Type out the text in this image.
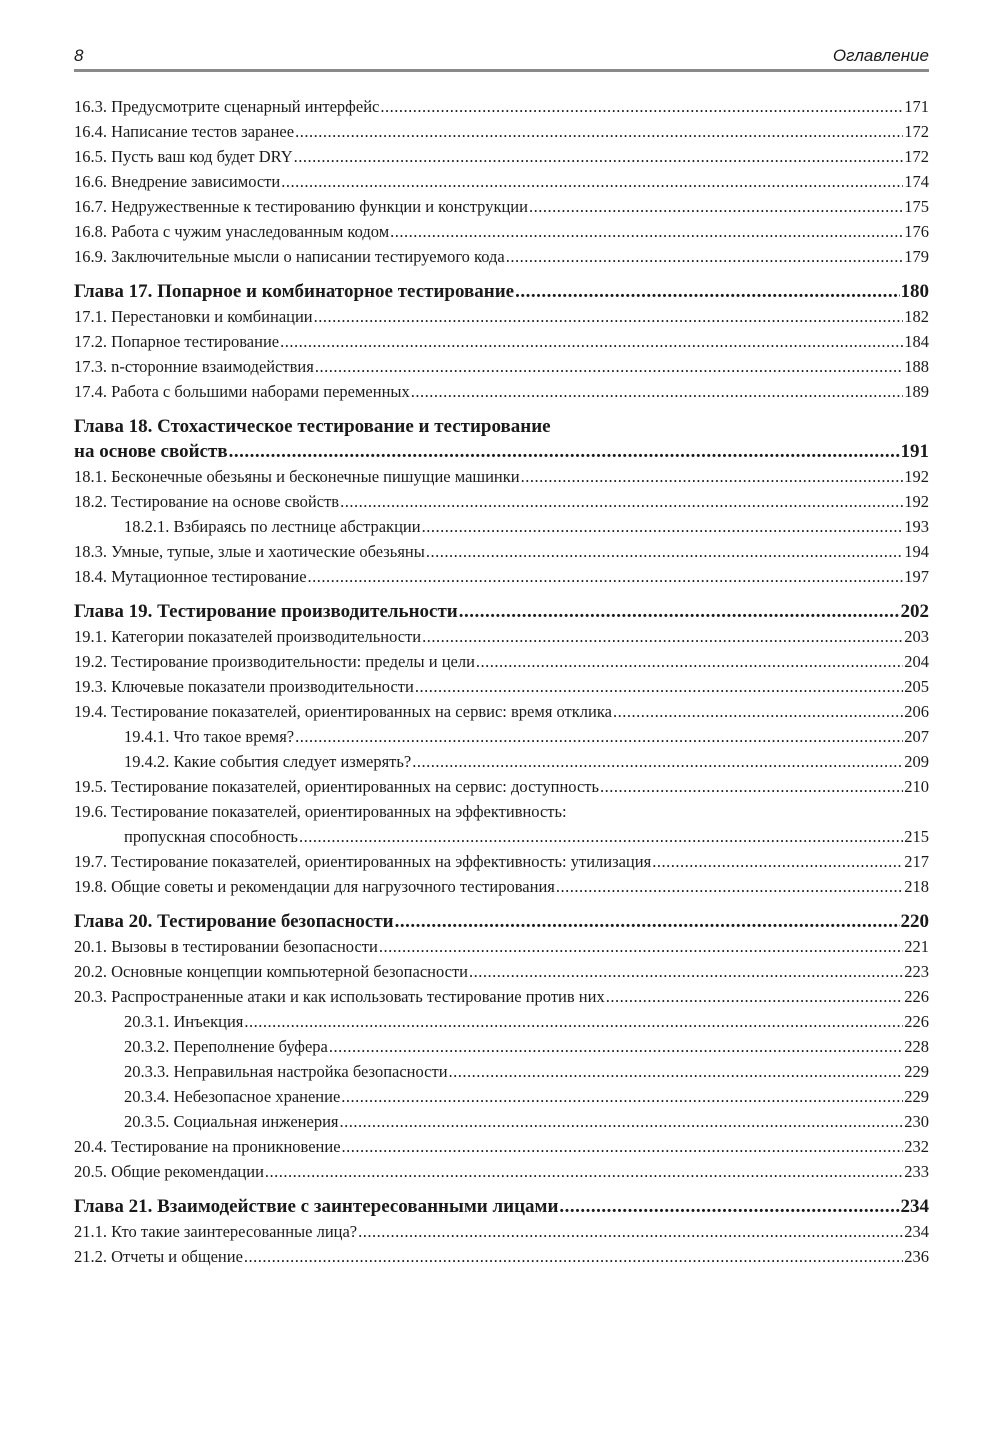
8	Оглавление
16.3. Предусмотрите сценарный интерфейс .....	171
16.4. Написание тестов заранее .....	172
16.5. Пусть ваш код будет DRY .....	172
16.6. Внедрение зависимости .....	174
16.7. Недружественные к тестированию функции и конструкции .....	175
16.8. Работа с чужим унаследованным кодом .....	176
16.9. Заключительные мысли о написании тестируемого кода .....	179
Глава 17. Попарное и комбинаторное тестирование .....	180
17.1. Перестановки и комбинации .....	182
17.2. Попарное тестирование .....	184
17.3. n-сторонние взаимодействия .....	188
17.4. Работа с большими наборами переменных .....	189
Глава 18. Стохастическое тестирование и тестирование
на основе свойств .....	191
18.1. Бесконечные обезьяны и бесконечные пишущие машинки .....	192
18.2. Тестирование на основе свойств .....	192
18.2.1. Взбираясь по лестнице абстракции .....	193
18.3. Умные, тупые, злые и хаотические обезьяны .....	194
18.4. Мутационное тестирование .....	197
Глава 19. Тестирование производительности .....	202
19.1. Категории показателей производительности .....	203
19.2. Тестирование производительности: пределы и цели .....	204
19.3. Ключевые показатели производительности .....	205
19.4. Тестирование показателей, ориентированных на сервис: время отклика .....	206
19.4.1. Что такое время? .....	207
19.4.2. Какие события следует измерять? .....	209
19.5. Тестирование показателей, ориентированных на сервис: доступность .....	210
19.6. Тестирование показателей, ориентированных на эффективность:
пропускная способность .....	215
19.7. Тестирование показателей, ориентированных на эффективность: утилизация .....	217
19.8. Общие советы и рекомендации для нагрузочного тестирования .....	218
Глава 20. Тестирование безопасности .....	220
20.1. Вызовы в тестировании безопасности .....	221
20.2. Основные концепции компьютерной безопасности .....	223
20.3. Распространенные атаки и как использовать тестирование против них .....	226
20.3.1. Инъекция .....	226
20.3.2. Переполнение буфера .....	228
20.3.3. Неправильная настройка безопасности .....	229
20.3.4. Небезопасное хранение .....	229
20.3.5. Социальная инженерия .....	230
20.4. Тестирование на проникновение .....	232
20.5. Общие рекомендации .....	233
Глава 21. Взаимодействие с заинтересованными лицами .....	234
21.1. Кто такие заинтересованные лица? .....	234
21.2. Отчеты и общение .....	236
